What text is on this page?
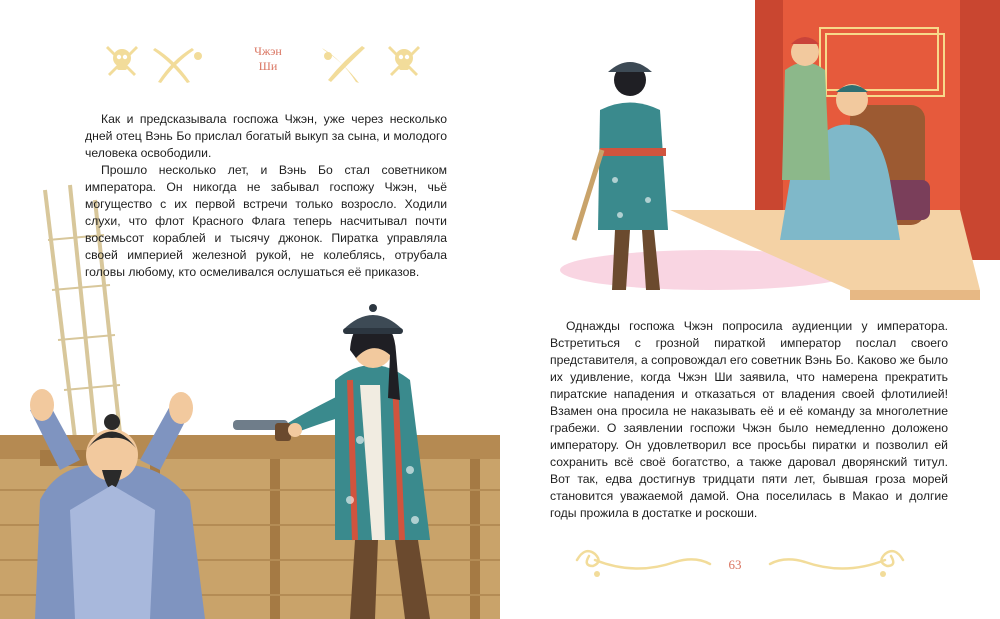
Чжэн
Ши

Как и предсказывала госпожа Чжэн, уже через несколько дней отец Вэнь Бо прислал богатый выкуп за сына, и молодого человека освободили.

Прошло несколько лет, и Вэнь Бо стал советником императора. Он никогда не забывал госпожу Чжэн, чьё могущество с их первой встречи только возросло. Ходили слухи, что флот Красного Флага теперь насчитывал почти восемьсот кораблей и тысячу джонок. Пиратка управляла своей империей железной рукой, не колеблясь, отрубала головы любому, кто осмеливался ослушаться её приказов.

Однажды госпожа Чжэн попросила аудиенции у императора. Встретиться с грозной пираткой император послал своего представителя, а сопровождал его советник Вэнь Бо. Каково же было их удивление, когда Чжэн Ши заявила, что намерена прекратить пиратские нападения и отказаться от владения своей флотилией! Взамен она просила не наказывать её и её команду за многолетние грабежи. О заявлении госпожи Чжэн было немедленно доложено императору. Он удовлетворил все просьбы пиратки и позволил ей сохранить всё своё богатство, а также даровал дворянский титул. Вот так, едва достигнув тридцати пяти лет, бывшая гроза морей становится уважаемой дамой. Она поселилась в Макао и долгие годы прожила в достатке и роскоши.

63
